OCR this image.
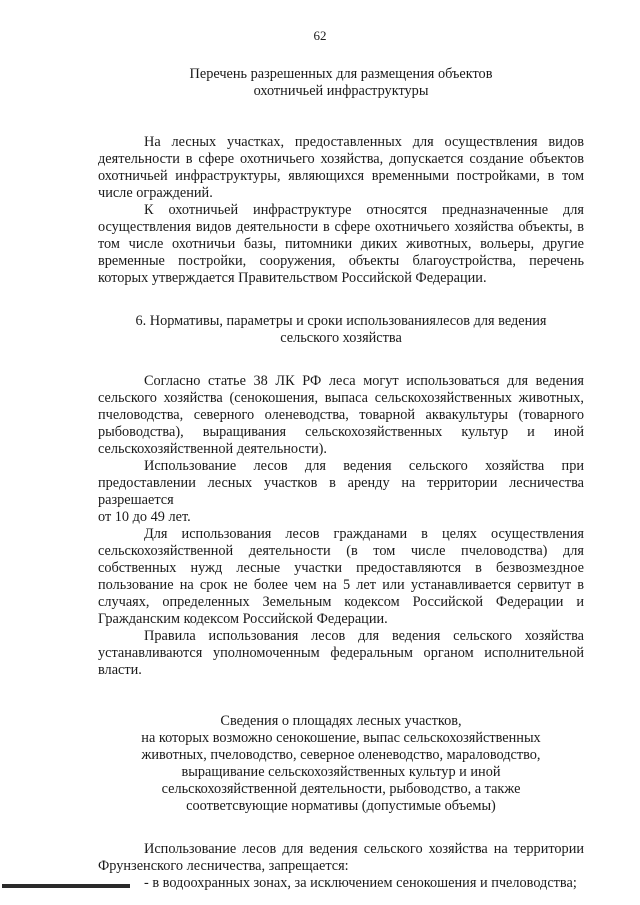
62

Перечень разрешенных для размещения объектов

охотничьей инфраструктуры

На лесных участках, предоставленных для осуществления видов деятельности в сфере охотничьего хозяйства, допускается создание объектов охотничьей инфраструктуры, являющихся временными постройками, в том числе ограждений.

К охотничьей инфраструктуре относятся предназначенные для осуществления видов деятельности в сфере охотничьего хозяйства объекты, в том числе охотничьи базы, питомники диких животных, вольеры, другие временные постройки, сооружения, объекты благоустройства, перечень которых утверждается Правительством Российской Федерации.

6. Нормативы, параметры и сроки использованиялесов для ведения

сельского хозяйства

Согласно статье 38 ЛК РФ леса могут использоваться для ведения сельского хозяйства (сенокошения, выпаса сельскохозяйственных животных, пчеловодства, северного оленеводства, товарной аквакультуры (товарного рыбоводства), выращивания сельскохозяйственных культур и иной сельскохозяйственной деятельности).

Использование лесов для ведения сельского хозяйства при предоставлении лесных участков в аренду на территории лесничества разрешается

от 10 до 49 лет.

Для использования лесов гражданами в целях осуществления сельскохозяйственной деятельности (в том числе пчеловодства) для собственных нужд лесные участки предоставляются в безвозмездное пользование на срок не более чем на 5 лет или устанавливается сервитут в случаях, определенных Земельным кодексом Российской Федерации и Гражданским кодексом Российской Федерации.

Правила использования лесов для ведения сельского хозяйства устанавливаются уполномоченным федеральным органом исполнительной власти.

Сведения о площадях лесных участков,

на которых возможно сенокошение, выпас сельскохозяйственных

животных, пчеловодство, северное оленеводство, мараловодство,

выращивание сельскохозяйственных культур и иной

сельскохозяйственной деятельности, рыбоводство, а также

соответсвующие нормативы (допустимые объемы)

Использование лесов для ведения сельского хозяйства на территории Фрунзенского лесничества, запрещается:

- в водоохранных зонах, за исключением сенокошения и пчеловодства;
